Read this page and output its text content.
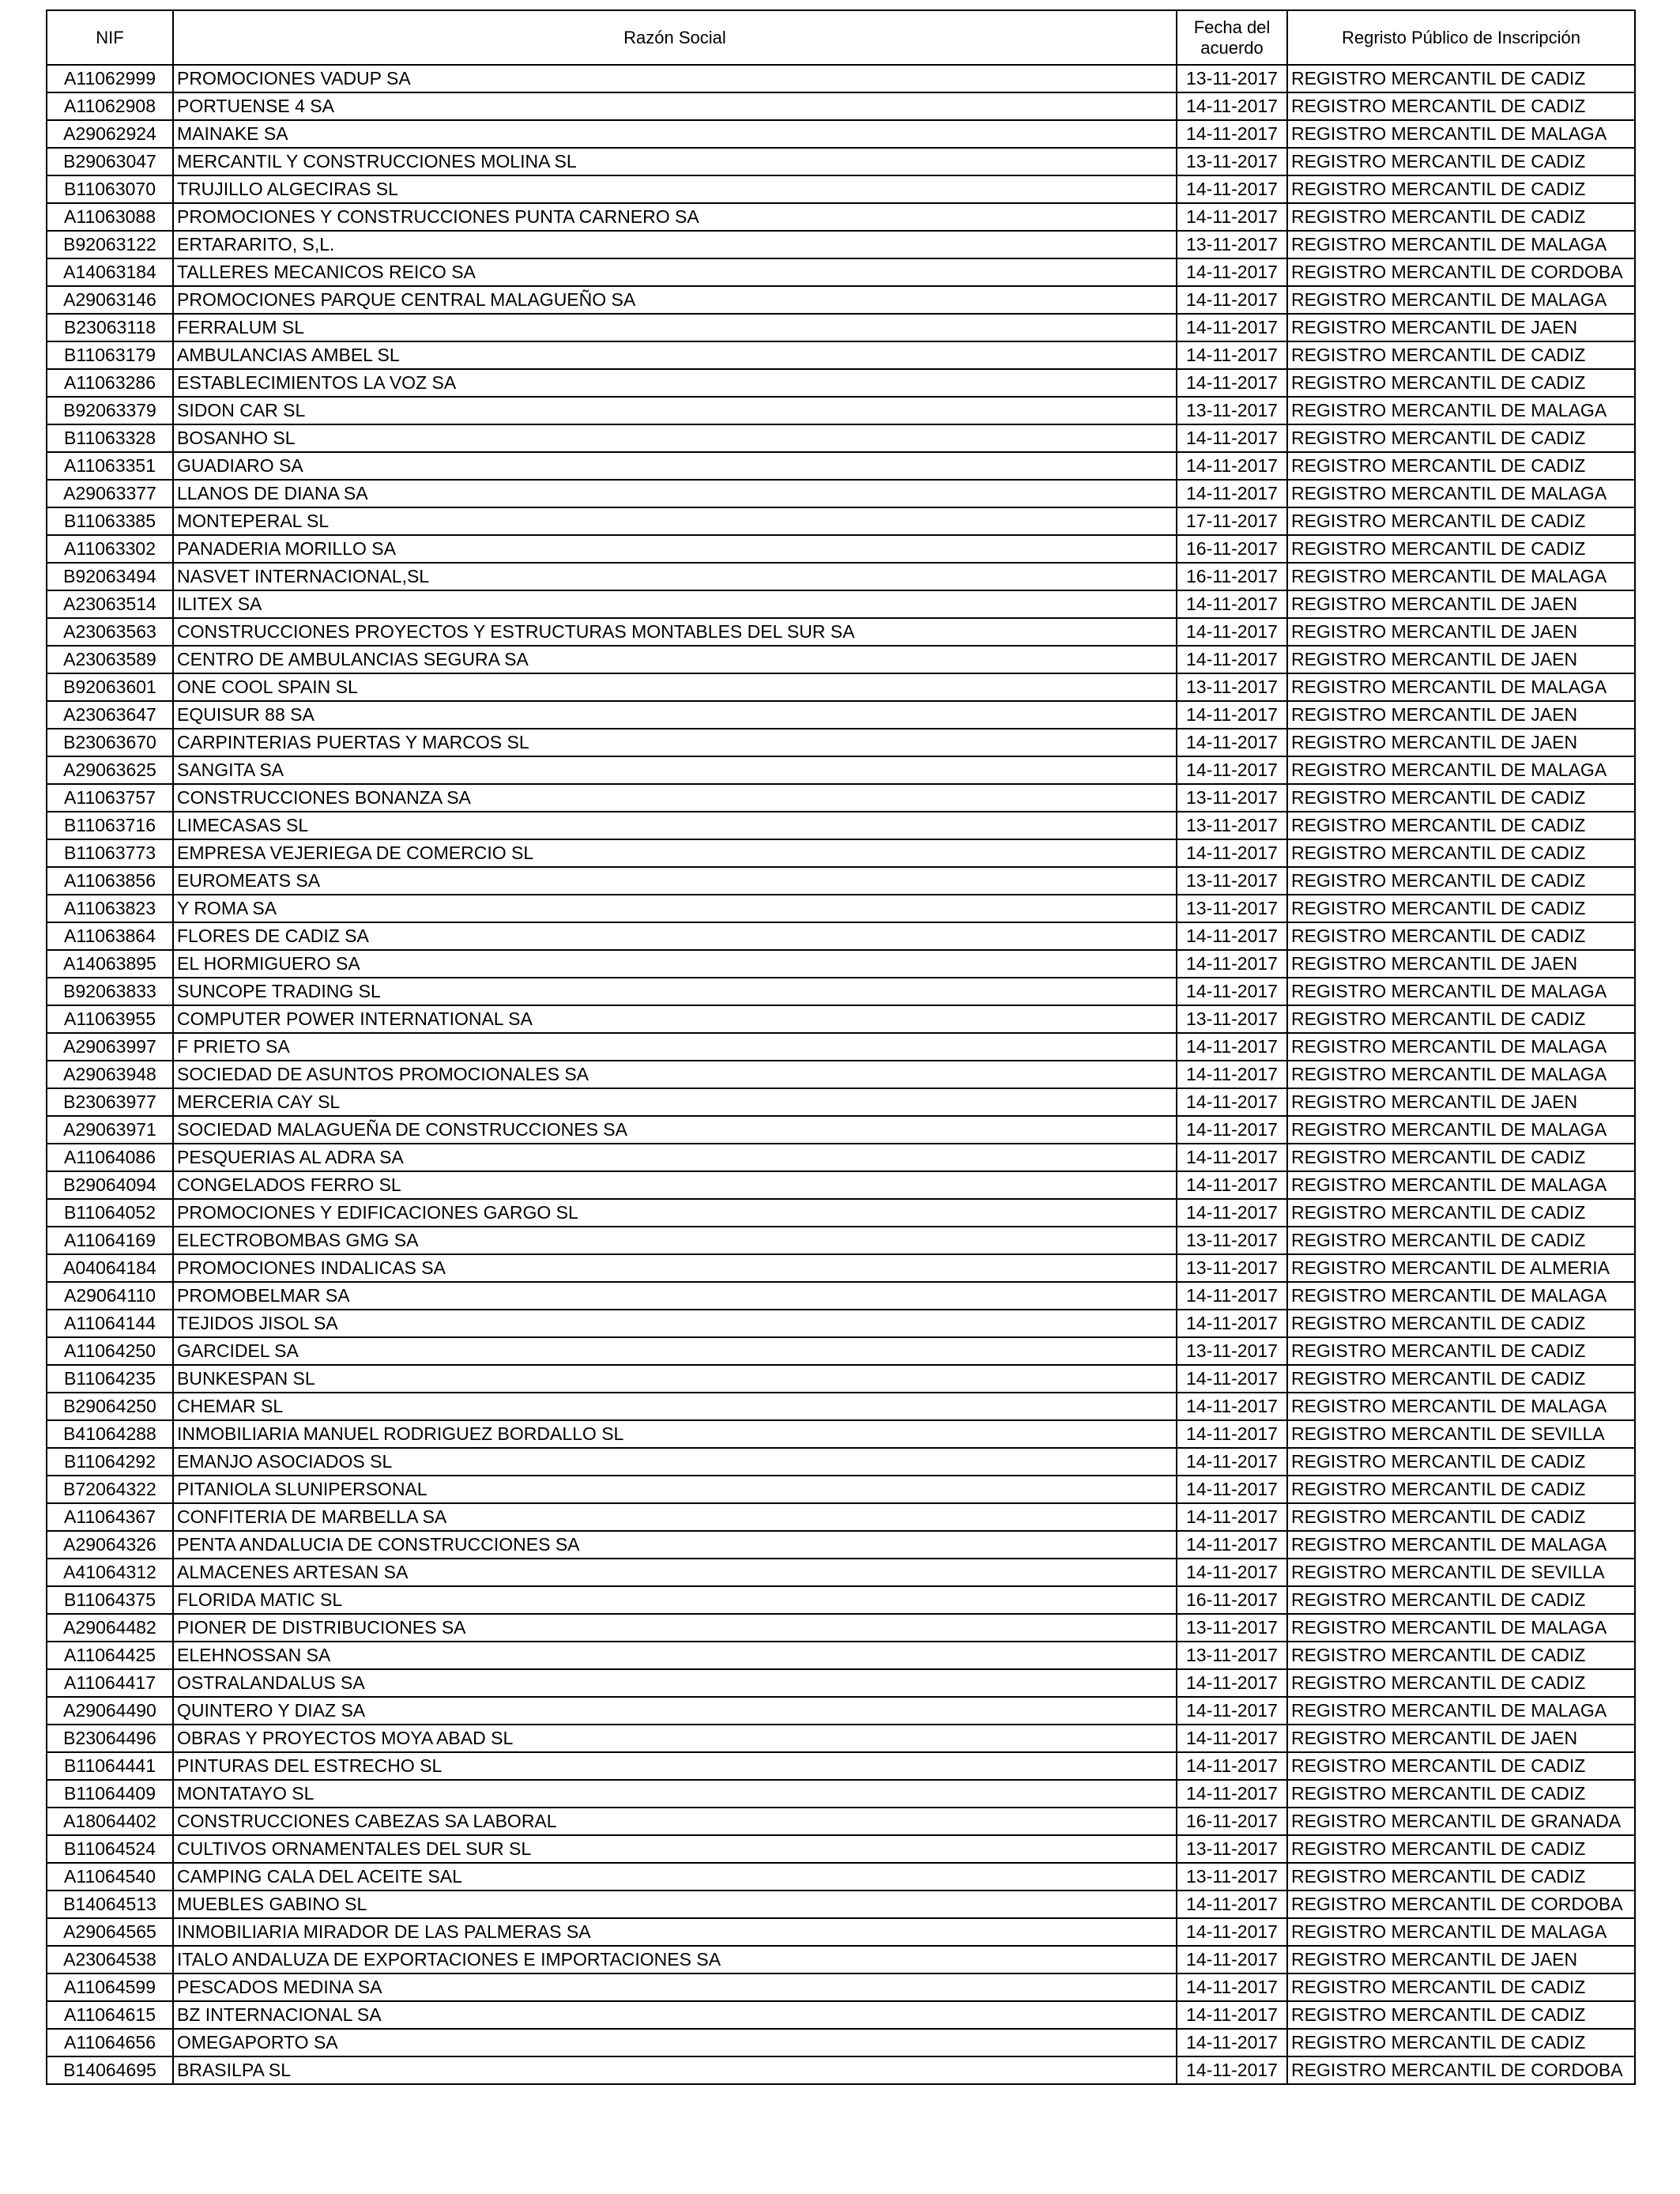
NIF	Razón Social	Fecha del acuerdo	Regristo Público de Inscripción
A11062999	PROMOCIONES VADUP SA	13-11-2017	REGISTRO MERCANTIL DE CADIZ
A11062908	PORTUENSE 4 SA	14-11-2017	REGISTRO MERCANTIL DE CADIZ
A29062924	MAINAKE SA	14-11-2017	REGISTRO MERCANTIL DE MALAGA
B29063047	MERCANTIL Y CONSTRUCCIONES MOLINA SL	13-11-2017	REGISTRO MERCANTIL DE CADIZ
B11063070	TRUJILLO ALGECIRAS SL	14-11-2017	REGISTRO MERCANTIL DE CADIZ
A11063088	PROMOCIONES Y CONSTRUCCIONES PUNTA CARNERO SA	14-11-2017	REGISTRO MERCANTIL DE CADIZ
B92063122	ERTARARITO, S,L.	13-11-2017	REGISTRO MERCANTIL DE MALAGA
A14063184	TALLERES MECANICOS REICO SA	14-11-2017	REGISTRO MERCANTIL DE CORDOBA
A29063146	PROMOCIONES PARQUE CENTRAL MALAGUEÑO SA	14-11-2017	REGISTRO MERCANTIL DE MALAGA
B23063118	FERRALUM SL	14-11-2017	REGISTRO MERCANTIL DE JAEN
B11063179	AMBULANCIAS AMBEL SL	14-11-2017	REGISTRO MERCANTIL DE CADIZ
A11063286	ESTABLECIMIENTOS LA VOZ SA	14-11-2017	REGISTRO MERCANTIL DE CADIZ
B92063379	SIDON CAR SL	13-11-2017	REGISTRO MERCANTIL DE MALAGA
B11063328	BOSANHO SL	14-11-2017	REGISTRO MERCANTIL DE CADIZ
A11063351	GUADIARO SA	14-11-2017	REGISTRO MERCANTIL DE CADIZ
A29063377	LLANOS DE DIANA SA	14-11-2017	REGISTRO MERCANTIL DE MALAGA
B11063385	MONTEPERAL SL	17-11-2017	REGISTRO MERCANTIL DE CADIZ
A11063302	PANADERIA MORILLO SA	16-11-2017	REGISTRO MERCANTIL DE CADIZ
B92063494	NASVET INTERNACIONAL,SL	16-11-2017	REGISTRO MERCANTIL DE MALAGA
A23063514	ILITEX SA	14-11-2017	REGISTRO MERCANTIL DE JAEN
A23063563	CONSTRUCCIONES PROYECTOS Y ESTRUCTURAS MONTABLES DEL SUR SA	14-11-2017	REGISTRO MERCANTIL DE JAEN
A23063589	CENTRO DE AMBULANCIAS SEGURA SA	14-11-2017	REGISTRO MERCANTIL DE JAEN
B92063601	ONE COOL SPAIN SL	13-11-2017	REGISTRO MERCANTIL DE MALAGA
A23063647	EQUISUR 88 SA	14-11-2017	REGISTRO MERCANTIL DE JAEN
B23063670	CARPINTERIAS PUERTAS Y MARCOS SL	14-11-2017	REGISTRO MERCANTIL DE JAEN
A29063625	SANGITA SA	14-11-2017	REGISTRO MERCANTIL DE MALAGA
A11063757	CONSTRUCCIONES BONANZA SA	13-11-2017	REGISTRO MERCANTIL DE CADIZ
B11063716	LIMECASAS SL	13-11-2017	REGISTRO MERCANTIL DE CADIZ
B11063773	EMPRESA VEJERIEGA DE COMERCIO SL	14-11-2017	REGISTRO MERCANTIL DE CADIZ
A11063856	EUROMEATS SA	13-11-2017	REGISTRO MERCANTIL DE CADIZ
A11063823	Y ROMA SA	13-11-2017	REGISTRO MERCANTIL DE CADIZ
A11063864	FLORES DE CADIZ SA	14-11-2017	REGISTRO MERCANTIL DE CADIZ
A14063895	EL HORMIGUERO SA	14-11-2017	REGISTRO MERCANTIL DE JAEN
B92063833	SUNCOPE TRADING SL	14-11-2017	REGISTRO MERCANTIL DE MALAGA
A11063955	COMPUTER POWER INTERNATIONAL SA	13-11-2017	REGISTRO MERCANTIL DE CADIZ
A29063997	F PRIETO SA	14-11-2017	REGISTRO MERCANTIL DE MALAGA
A29063948	SOCIEDAD DE ASUNTOS PROMOCIONALES SA	14-11-2017	REGISTRO MERCANTIL DE MALAGA
B23063977	MERCERIA CAY SL	14-11-2017	REGISTRO MERCANTIL DE JAEN
A29063971	SOCIEDAD MALAGUEÑA DE CONSTRUCCIONES SA	14-11-2017	REGISTRO MERCANTIL DE MALAGA
A11064086	PESQUERIAS AL ADRA SA	14-11-2017	REGISTRO MERCANTIL DE CADIZ
B29064094	CONGELADOS FERRO SL	14-11-2017	REGISTRO MERCANTIL DE MALAGA
B11064052	PROMOCIONES Y EDIFICACIONES GARGO SL	14-11-2017	REGISTRO MERCANTIL DE CADIZ
A11064169	ELECTROBOMBAS GMG SA	13-11-2017	REGISTRO MERCANTIL DE CADIZ
A04064184	PROMOCIONES INDALICAS SA	13-11-2017	REGISTRO MERCANTIL DE ALMERIA
A29064110	PROMOBELMAR SA	14-11-2017	REGISTRO MERCANTIL DE MALAGA
A11064144	TEJIDOS JISOL SA	14-11-2017	REGISTRO MERCANTIL DE CADIZ
A11064250	GARCIDEL SA	13-11-2017	REGISTRO MERCANTIL DE CADIZ
B11064235	BUNKESPAN SL	14-11-2017	REGISTRO MERCANTIL DE CADIZ
B29064250	CHEMAR SL	14-11-2017	REGISTRO MERCANTIL DE MALAGA
B41064288	INMOBILIARIA MANUEL RODRIGUEZ BORDALLO SL	14-11-2017	REGISTRO MERCANTIL DE SEVILLA
B11064292	EMANJO ASOCIADOS SL	14-11-2017	REGISTRO MERCANTIL DE CADIZ
B72064322	PITANIOLA SLUNIPERSONAL	14-11-2017	REGISTRO MERCANTIL DE CADIZ
A11064367	CONFITERIA DE MARBELLA SA	14-11-2017	REGISTRO MERCANTIL DE CADIZ
A29064326	PENTA ANDALUCIA DE CONSTRUCCIONES SA	14-11-2017	REGISTRO MERCANTIL DE MALAGA
A41064312	ALMACENES ARTESAN SA	14-11-2017	REGISTRO MERCANTIL DE SEVILLA
B11064375	FLORIDA MATIC SL	16-11-2017	REGISTRO MERCANTIL DE CADIZ
A29064482	PIONER DE DISTRIBUCIONES SA	13-11-2017	REGISTRO MERCANTIL DE MALAGA
A11064425	ELEHNOSSAN SA	13-11-2017	REGISTRO MERCANTIL DE CADIZ
A11064417	OSTRALANDALUS SA	14-11-2017	REGISTRO MERCANTIL DE CADIZ
A29064490	QUINTERO Y DIAZ SA	14-11-2017	REGISTRO MERCANTIL DE MALAGA
B23064496	OBRAS Y PROYECTOS MOYA ABAD SL	14-11-2017	REGISTRO MERCANTIL DE JAEN
B11064441	PINTURAS DEL ESTRECHO SL	14-11-2017	REGISTRO MERCANTIL DE CADIZ
B11064409	MONTATAYO SL	14-11-2017	REGISTRO MERCANTIL DE CADIZ
A18064402	CONSTRUCCIONES CABEZAS SA LABORAL	16-11-2017	REGISTRO MERCANTIL DE GRANADA
B11064524	CULTIVOS ORNAMENTALES DEL SUR SL	13-11-2017	REGISTRO MERCANTIL DE CADIZ
A11064540	CAMPING CALA DEL ACEITE SAL	13-11-2017	REGISTRO MERCANTIL DE CADIZ
B14064513	MUEBLES GABINO SL	14-11-2017	REGISTRO MERCANTIL DE CORDOBA
A29064565	INMOBILIARIA MIRADOR DE LAS PALMERAS SA	14-11-2017	REGISTRO MERCANTIL DE MALAGA
A23064538	ITALO ANDALUZA DE EXPORTACIONES E IMPORTACIONES SA	14-11-2017	REGISTRO MERCANTIL DE JAEN
A11064599	PESCADOS MEDINA SA	14-11-2017	REGISTRO MERCANTIL DE CADIZ
A11064615	BZ INTERNACIONAL SA	14-11-2017	REGISTRO MERCANTIL DE CADIZ
A11064656	OMEGAPORTO SA	14-11-2017	REGISTRO MERCANTIL DE CADIZ
B14064695	BRASILPA SL	14-11-2017	REGISTRO MERCANTIL DE CORDOBA
